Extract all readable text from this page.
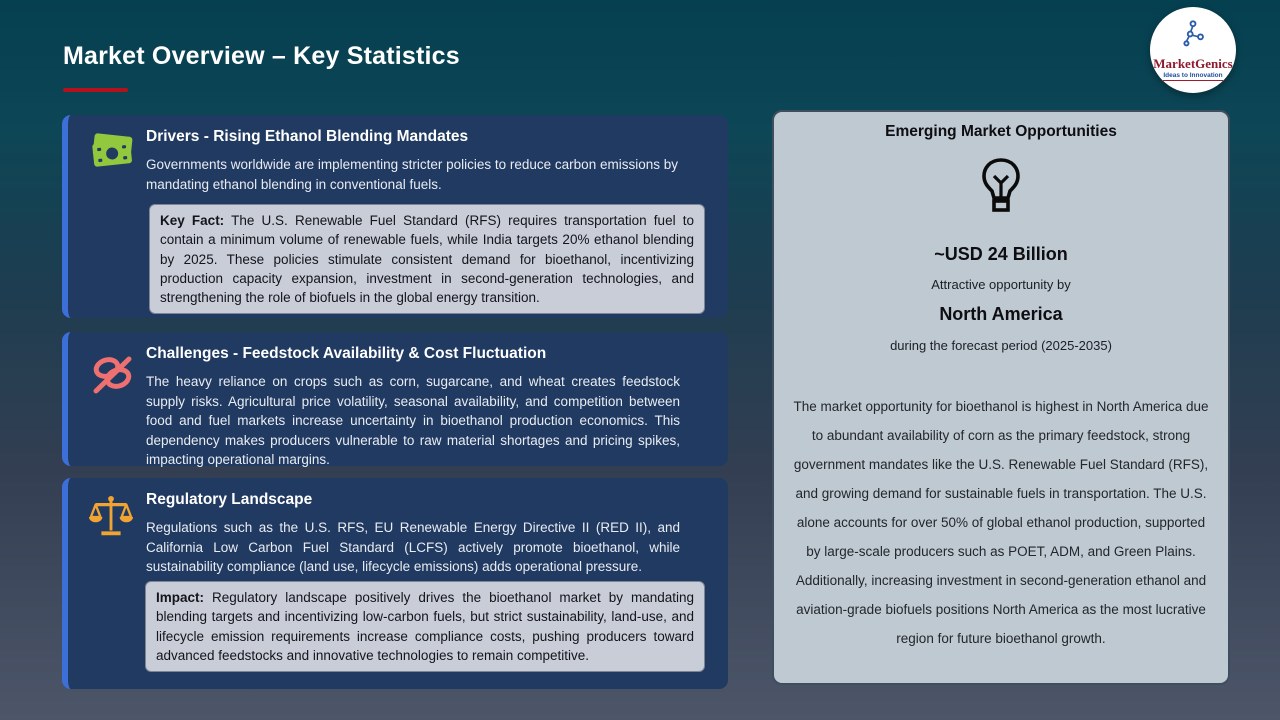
Market Overview – Key Statistics	MarketGenics
Ideas to Innovation
Drivers - Rising Ethanol Blending Mandates
Governments worldwide are implementing stricter policies to reduce carbon emissions by mandating ethanol blending in conventional fuels.
Key Fact: The U.S. Renewable Fuel Standard (RFS) requires transportation fuel to contain a minimum volume of renewable fuels, while India targets 20% ethanol blending by 2025. These policies stimulate consistent demand for bioethanol, incentivizing production capacity expansion, investment in second-generation technologies, and strengthening the role of biofuels in the global energy transition.
Challenges - Feedstock Availability & Cost Fluctuation
The heavy reliance on crops such as corn, sugarcane, and wheat creates feedstock supply risks. Agricultural price volatility, seasonal availability, and competition between food and fuel markets increase uncertainty in bioethanol production economics. This dependency makes producers vulnerable to raw material shortages and pricing spikes, impacting operational margins.
Regulatory Landscape
Regulations such as the U.S. RFS, EU Renewable Energy Directive II (RED II), and California Low Carbon Fuel Standard (LCFS) actively promote bioethanol, while sustainability compliance (land use, lifecycle emissions) adds operational pressure.
Impact: Regulatory landscape positively drives the bioethanol market by mandating blending targets and incentivizing low-carbon fuels, but strict sustainability, land-use, and lifecycle emission requirements increase compliance costs, pushing producers toward advanced feedstocks and innovative technologies to remain competitive.
Emerging Market Opportunities
~USD 24 Billion
Attractive opportunity by
North America
during the forecast period (2025-2035)
The market opportunity for bioethanol is highest in North America due to abundant availability of corn as the primary feedstock, strong government mandates like the U.S. Renewable Fuel Standard (RFS), and growing demand for sustainable fuels in transportation. The U.S. alone accounts for over 50% of global ethanol production, supported by large-scale producers such as POET, ADM, and Green Plains. Additionally, increasing investment in second-generation ethanol and aviation-grade biofuels positions North America as the most lucrative region for future bioethanol growth.
